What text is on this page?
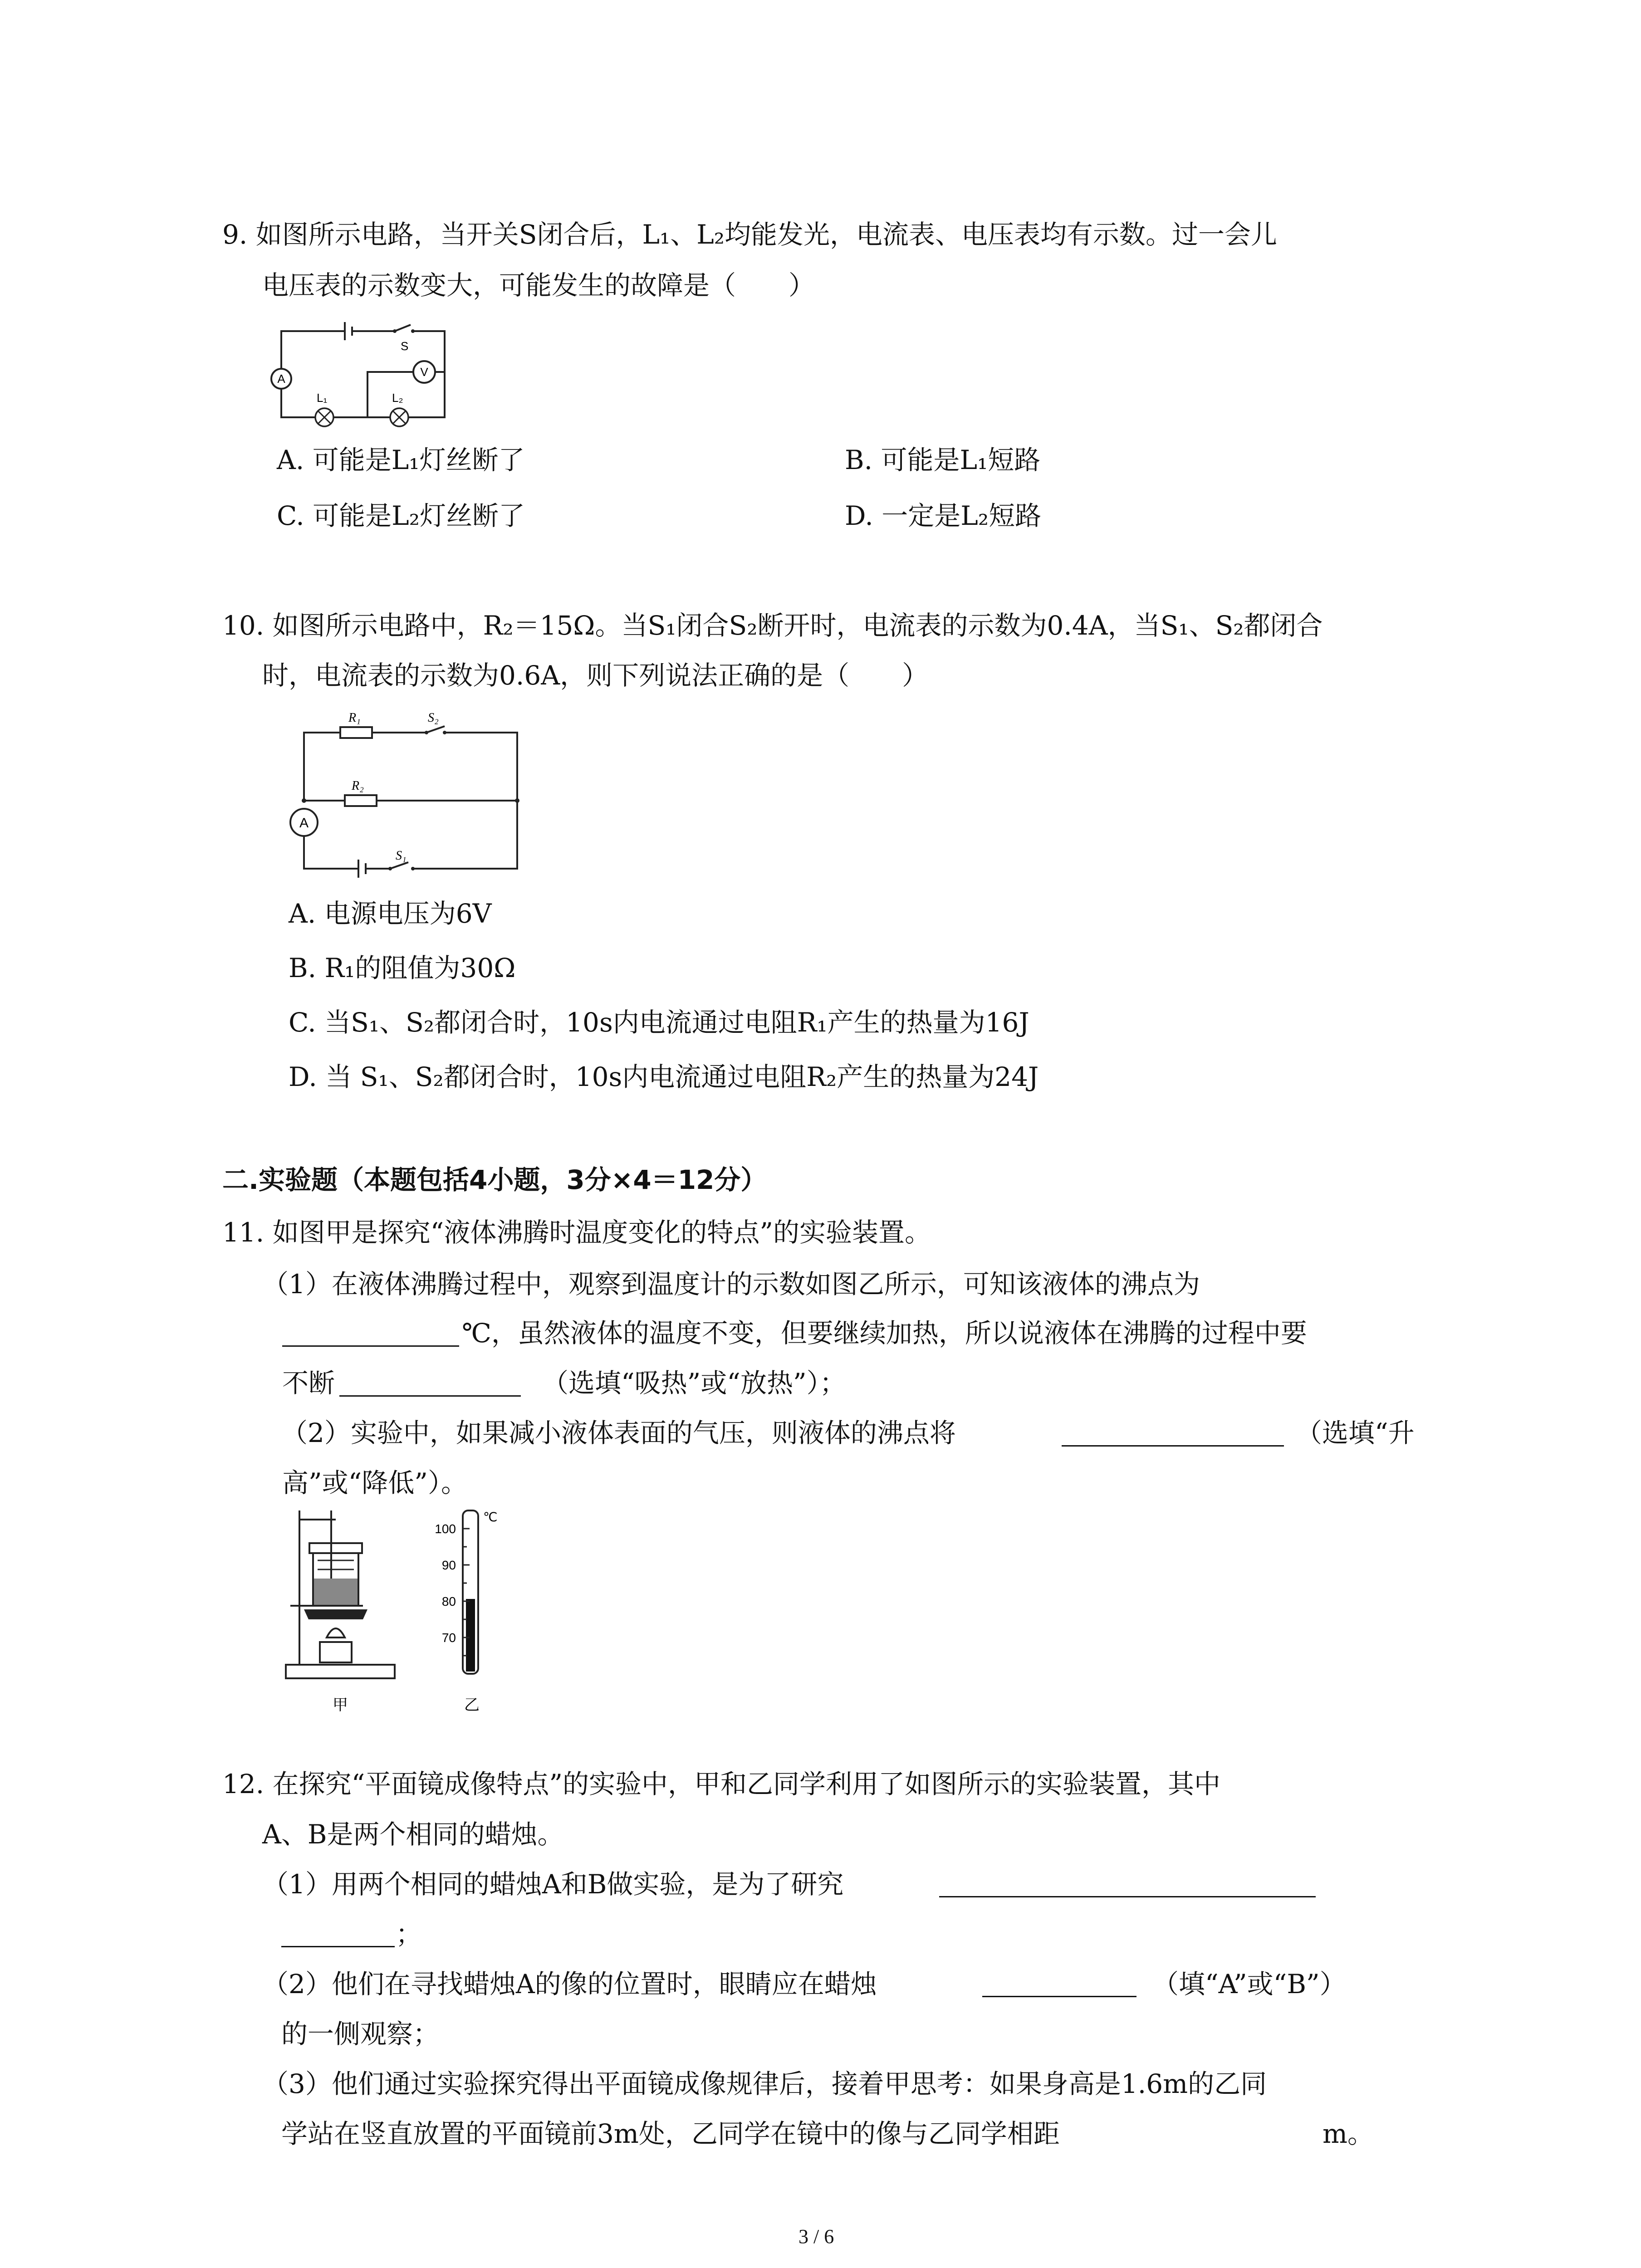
9. 如图所示电路，当开关S闭合后，L₁、L₂均能发光，电流表、电压表均有示数。过一会儿
电压表的示数变大，可能发生的故障是（　　）
A	V
S
L₁	L₂
A. 可能是L₁灯丝断了	B. 可能是L₁短路
C. 可能是L₂灯丝断了	D. 一定是L₂短路
10. 如图所示电路中，R₂＝15Ω。当S₁闭合S₂断开时，电流表的示数为0.4A，当S₁、S₂都闭合
时，电流表的示数为0.6A，则下列说法正确的是（　　）
A
R₁	S₂
R₂
S₁
A. 电源电压为6V
B. R₁的阻值为30Ω
C. 当S₁、S₂都闭合时，10s内电流通过电阻R₁产生的热量为16J
D. 当 S₁、S₂都闭合时，10s内电流通过电阻R₂产生的热量为24J
二.实验题（本题包括4小题，3分×4＝12分）
11. 如图甲是探究“液体沸腾时温度变化的特点”的实验装置。
（1）在液体沸腾过程中，观察到温度计的示数如图乙所示，可知该液体的沸点为
℃，虽然液体的温度不变，但要继续加热，所以说液体在沸腾的过程中要
不断	（选填“吸热”或“放热”）；
（2）实验中，如果减小液体表面的气压，则液体的沸点将	（选填“升
高”或“降低”）。
100
90
80
70
℃
甲	乙
12. 在探究“平面镜成像特点”的实验中，甲和乙同学利用了如图所示的实验装置，其中
A、B是两个相同的蜡烛。
（1）用两个相同的蜡烛A和B做实验，是为了研究
；
（2）他们在寻找蜡烛A的像的位置时，眼睛应在蜡烛	（填“A”或“B”）
的一侧观察；
（3）他们通过实验探究得出平面镜成像规律后，接着甲思考：如果身高是1.6m的乙同
学站在竖直放置的平面镜前3m处，乙同学在镜中的像与乙同学相距	m。
3 / 6
